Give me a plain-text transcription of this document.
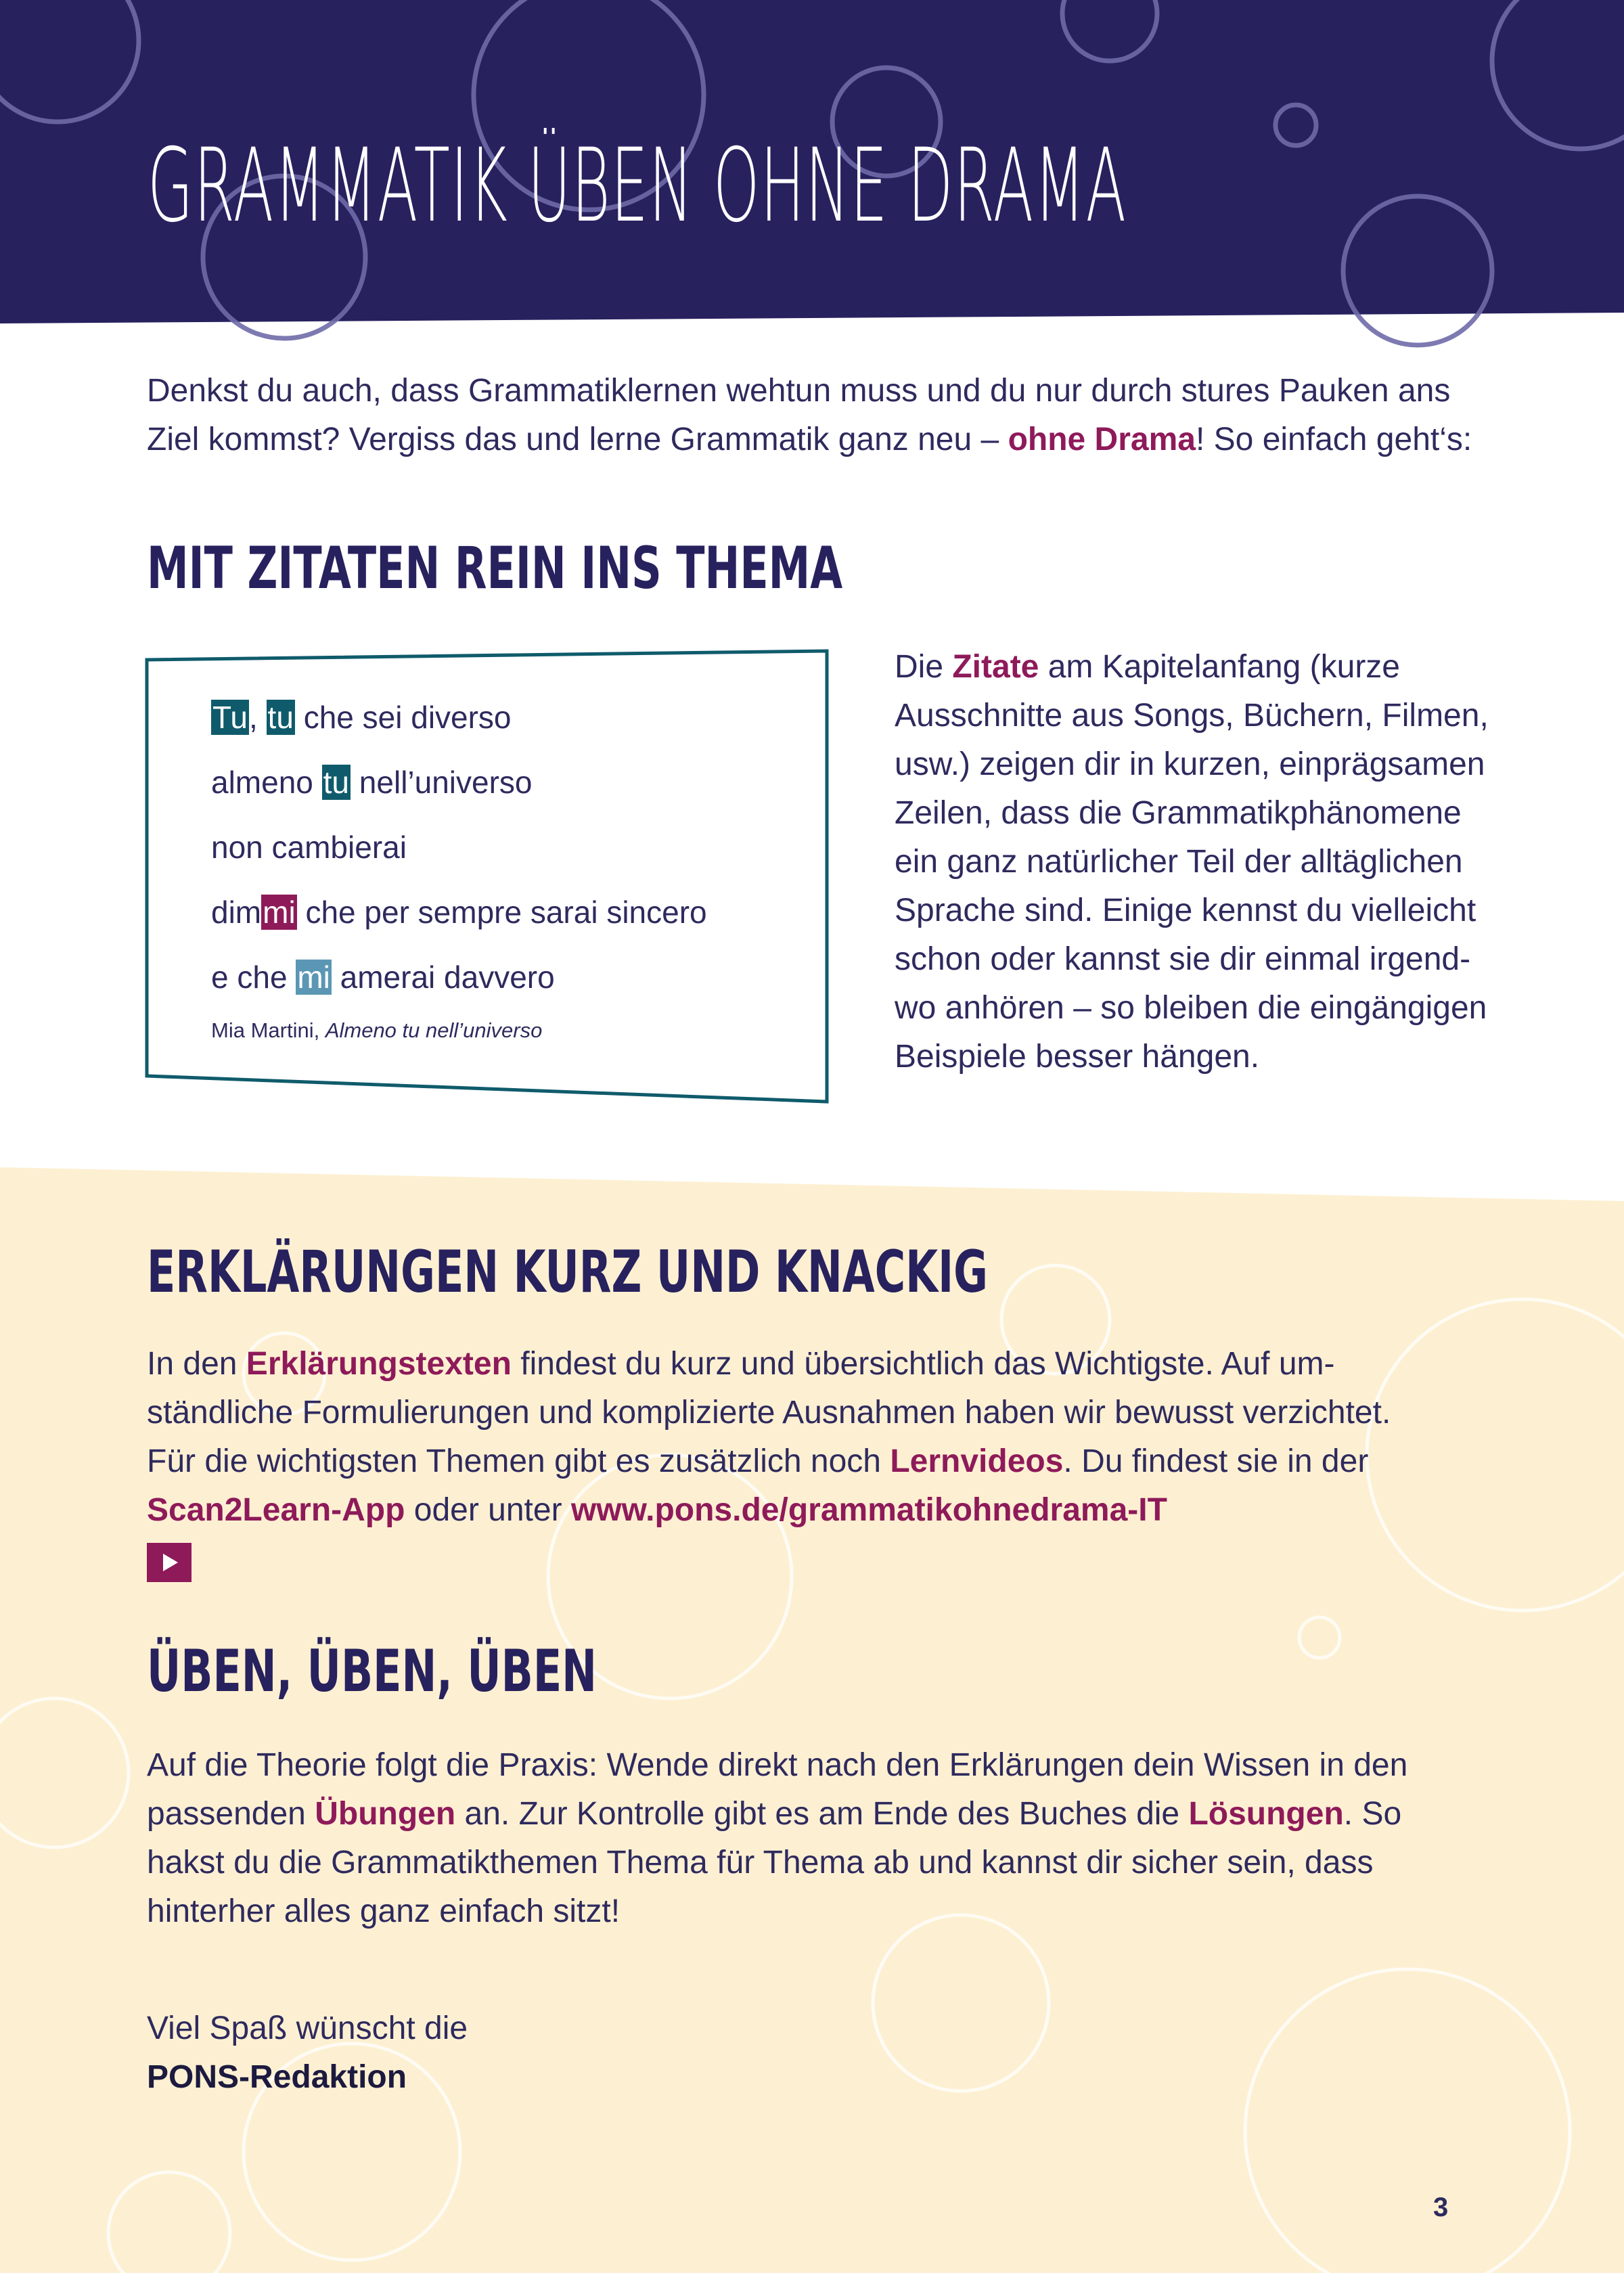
GRAMMATIK ÜBEN OHNE DRAMA
Denkst du auch, dass Grammatiklernen wehtun muss und du nur durch stures Pauken ans
Ziel kommst? Vergiss das und lerne Grammatik ganz neu – ohne Drama! So einfach geht‘s:
MIT ZITATEN REIN INS THEMA
Tu, tu che sei diverso
almeno tu nell’universo
non cambierai
dimmi che per sempre sarai sincero
e che mi amerai davvero
Mia Martini, Almeno tu nell’universo
Die Zitate am Kapitelanfang (kurze
Ausschnitte aus Songs, Büchern, Filmen,
usw.) zeigen dir in kurzen, einprägsamen
Zeilen, dass die Grammatikphänomene
ein ganz natürlicher Teil der alltäglichen
Sprache sind. Einige kennst du vielleicht
schon oder kannst sie dir einmal irgend-
wo anhören – so bleiben die eingängigen
Beispiele besser hängen.
ERKLÄRUNGEN KURZ UND KNACKIG
In den Erklärungstexten findest du kurz und übersichtlich das Wichtigste. Auf um-
ständliche Formulierungen und komplizierte Ausnahmen haben wir bewusst verzichtet.
Für die wichtigsten Themen gibt es zusätzlich noch Lernvideos. Du findest sie in der
Scan2Learn-App oder unter www.pons.de/grammatikohnedrama-IT
ÜBEN, ÜBEN, ÜBEN
Auf die Theorie folgt die Praxis: Wende direkt nach den Erklärungen dein Wissen in den
passenden Übungen an. Zur Kontrolle gibt es am Ende des Buches die Lösungen. So
hakst du die Grammatikthemen Thema für Thema ab und kannst dir sicher sein, dass
hinterher alles ganz einfach sitzt!
Viel Spaß wünscht die
PONS-Redaktion
3
